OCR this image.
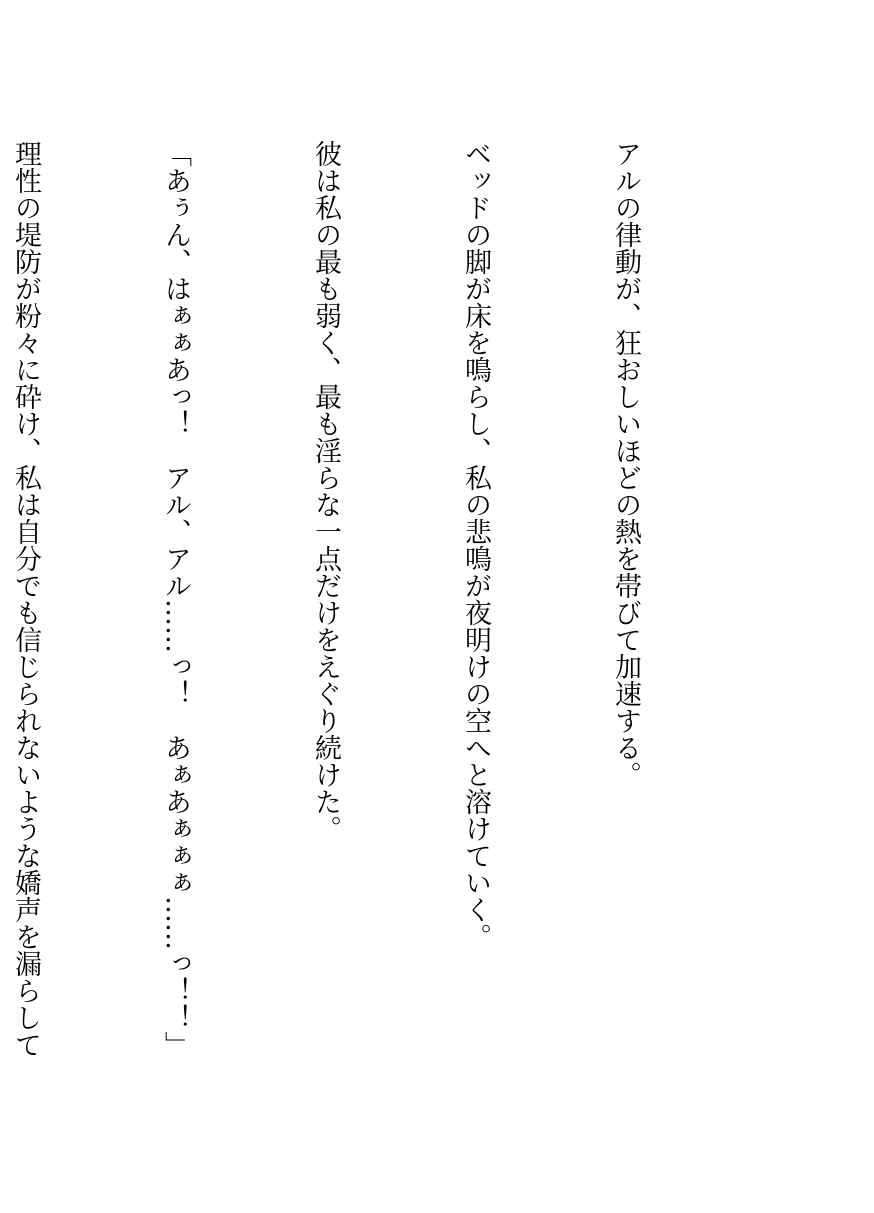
アルの律動が、狂おしいほどの熱を帯びて加速する。

ベッドの脚が床を鳴らし、私の悲鳴が夜明けの空へと溶けていく。

彼は私の最も弱く、最も淫らな一点だけをえぐり続けた。

「あぅん、はぁぁあっ！　アル、アル……っ！　あぁあぁぁぁ……っ！！」

理性の堤防が粉々に砕け、私は自分でも信じられないような嬌声を漏らして
